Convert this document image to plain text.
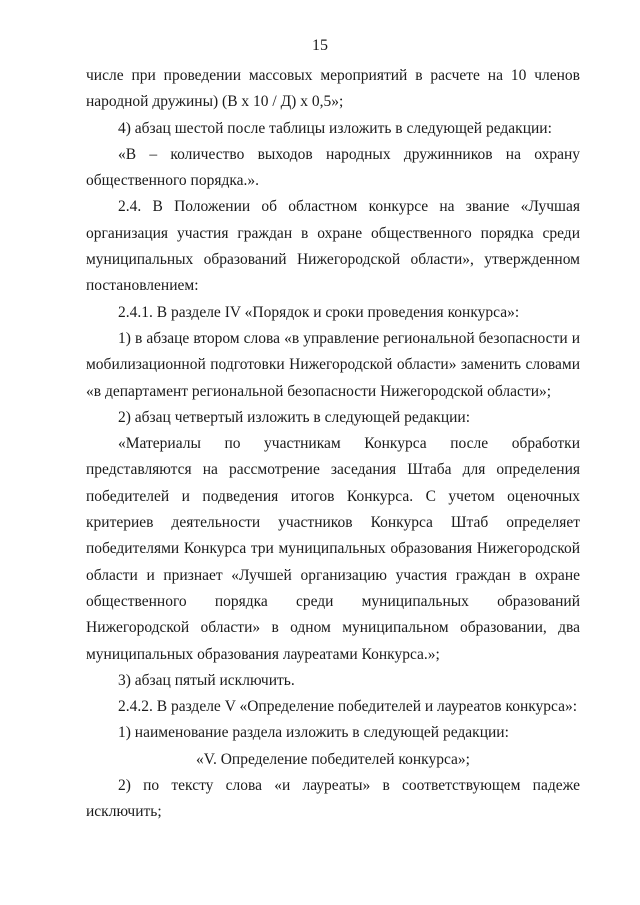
15

числе при проведении массовых мероприятий в расчете на 10 членов народной дружины) (В х 10 / Д) х 0,5»;

4) абзац шестой после таблицы изложить в следующей редакции:

«В – количество выходов народных дружинников на охрану общественного порядка.».

2.4. В Положении об областном конкурсе на звание «Лучшая организация участия граждан в охране общественного порядка среди муниципальных образований Нижегородской области», утвержденном постановлением:

2.4.1. В разделе IV «Порядок и сроки проведения конкурса»:

1) в абзаце втором слова «в управление региональной безопасности и мобилизационной подготовки Нижегородской области» заменить словами «в департамент региональной безопасности Нижегородской области»;

2) абзац четвертый изложить в следующей редакции:

«Материалы по участникам Конкурса после обработки представляются на рассмотрение заседания Штаба для определения победителей и подведения итогов Конкурса. С учетом оценочных критериев деятельности участников Конкурса Штаб определяет победителями Конкурса три муниципальных образования Нижегородской области и признает «Лучшей организацию участия граждан в охране общественного порядка среди муниципальных образований Нижегородской области» в одном муниципальном образовании, два муниципальных образования лауреатами Конкурса.»;

3) абзац пятый исключить.

2.4.2. В разделе V «Определение победителей и лауреатов конкурса»:

1) наименование раздела изложить в следующей редакции:

«V. Определение победителей конкурса»;

2) по тексту слова «и лауреаты» в соответствующем падеже исключить;
